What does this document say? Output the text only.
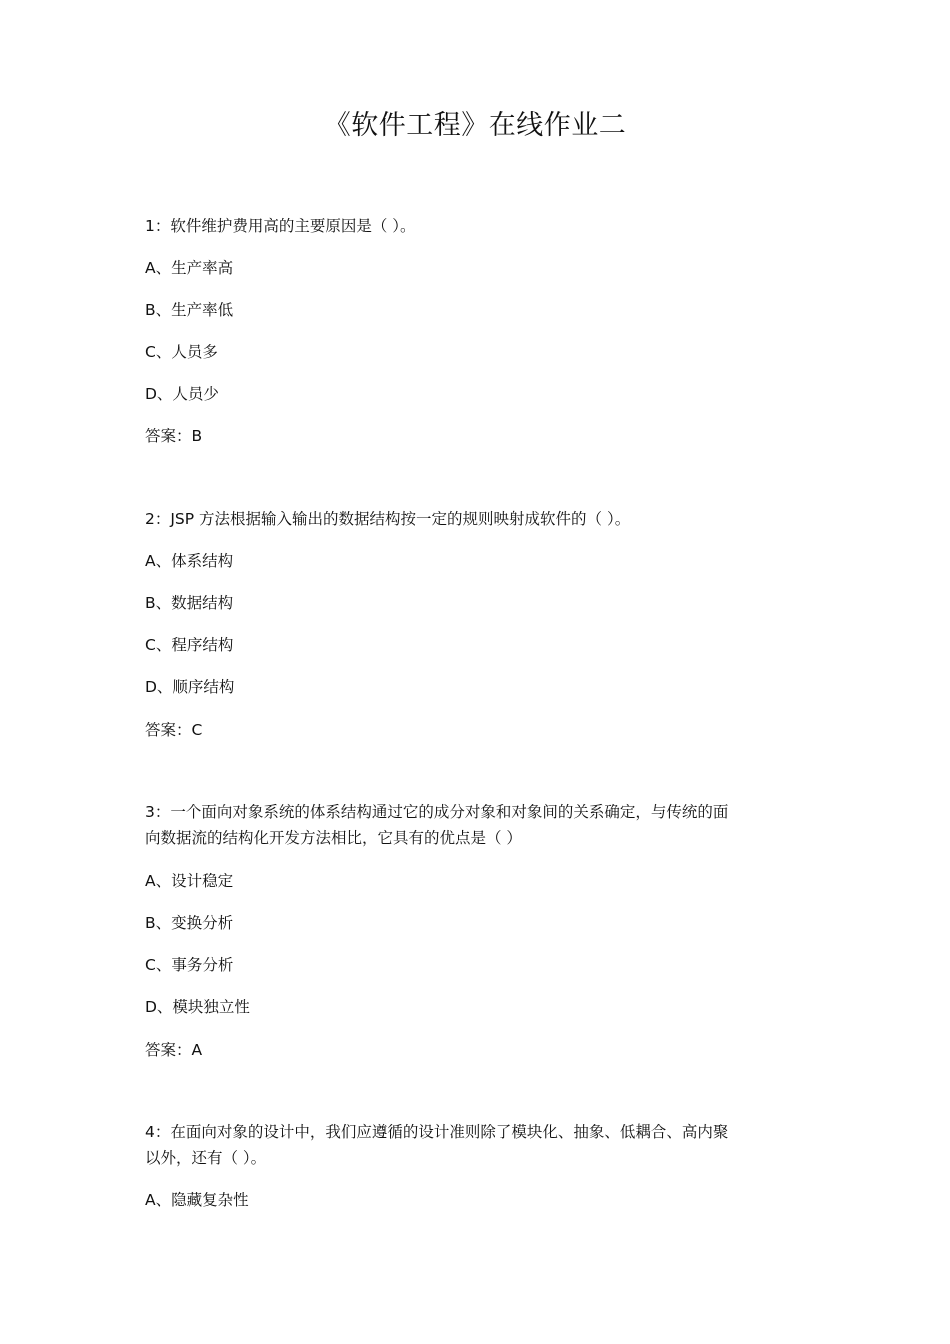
《软件工程》在线作业二
1：软件维护费用高的主要原因是（ ）。
A、生产率高
B、生产率低
C、人员多
D、人员少
答案：B
2：JSP 方法根据输入输出的数据结构按一定的规则映射成软件的（ ）。
A、体系结构
B、数据结构
C、程序结构
D、顺序结构
答案：C
3：一个面向对象系统的体系结构通过它的成分对象和对象间的关系确定，与传统的面
向数据流的结构化开发方法相比，它具有的优点是（ ）
A、设计稳定
B、变换分析
C、事务分析
D、模块独立性
答案：A
4：在面向对象的设计中，我们应遵循的设计准则除了模块化、抽象、低耦合、高内聚
以外，还有（ ）。
A、隐藏复杂性
